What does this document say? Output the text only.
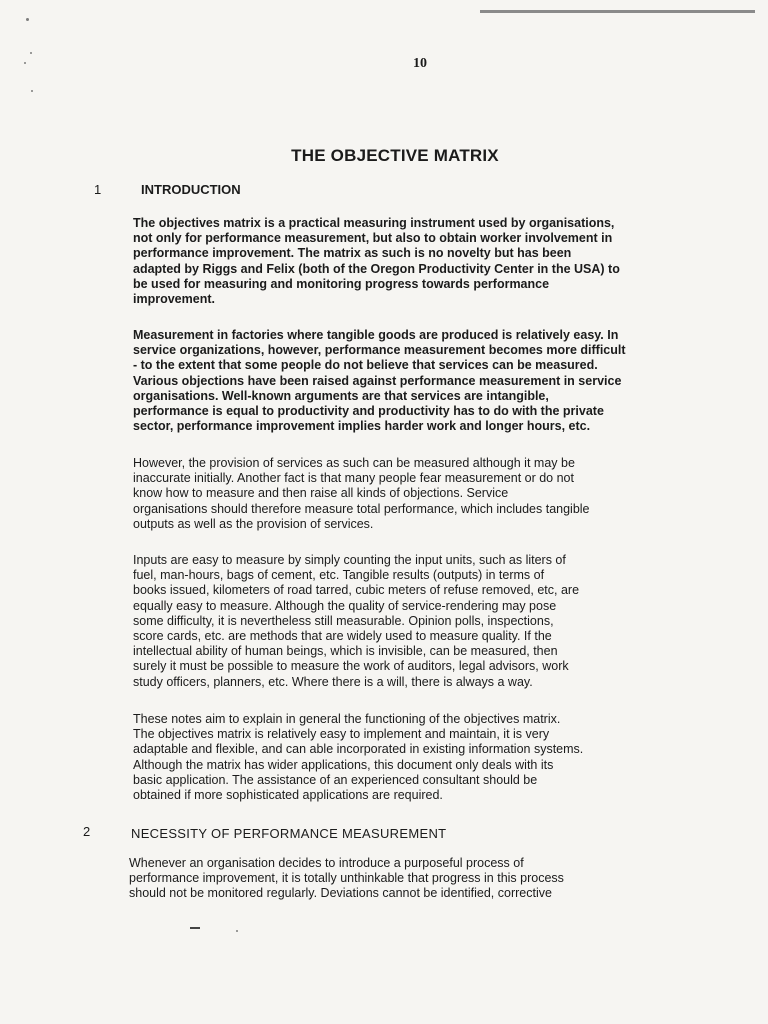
10
THE OBJECTIVE MATRIX
1	INTRODUCTION
The objectives matrix is a practical measuring instrument used by organisations,
not only for performance measurement, but also to obtain worker involvement in
performance improvement. The matrix as such is no novelty but has been
adapted by Riggs and Felix (both of the Oregon Productivity Center in the USA) to
be used for measuring and monitoring progress towards performance
improvement.
Measurement in factories where tangible goods are produced is relatively easy. In
service organizations, however, performance measurement becomes more difficult
- to the extent that some people do not believe that services can be measured.
Various objections have been raised against performance measurement in service
organisations. Well-known arguments are that services are intangible,
performance is equal to productivity and productivity has to do with the private
sector, performance improvement implies harder work and longer hours, etc.
However, the provision of services as such can be measured although it may be
inaccurate initially. Another fact is that many people fear measurement or do not
know how to measure and then raise all kinds of objections. Service
organisations should therefore measure total performance, which includes tangible
outputs as well as the provision of services.
Inputs are easy to measure by simply counting the input units, such as liters of
fuel, man-hours, bags of cement, etc. Tangible results (outputs) in terms of
books issued, kilometers of road tarred, cubic meters of refuse removed, etc, are
equally easy to measure. Although the quality of service-rendering may pose
some difficulty, it is nevertheless still measurable. Opinion polls, inspections,
score cards, etc. are methods that are widely used to measure quality. If the
intellectual ability of human beings, which is invisible, can be measured, then
surely it must be possible to measure the work of auditors, legal advisors, work
study officers, planners, etc. Where there is a will, there is always a way.
These notes aim to explain in general the functioning of the objectives matrix.
The objectives matrix is relatively easy to implement and maintain, it is very
adaptable and flexible, and can able incorporated in existing information systems.
Although the matrix has wider applications, this document only deals with its
basic application. The assistance of an experienced consultant should be
obtained if more sophisticated applications are required.
2	NECESSITY OF PERFORMANCE MEASUREMENT
Whenever an organisation decides to introduce a purposeful process of
performance improvement, it is totally unthinkable that progress in this process
should not be monitored regularly. Deviations cannot be identified, corrective
